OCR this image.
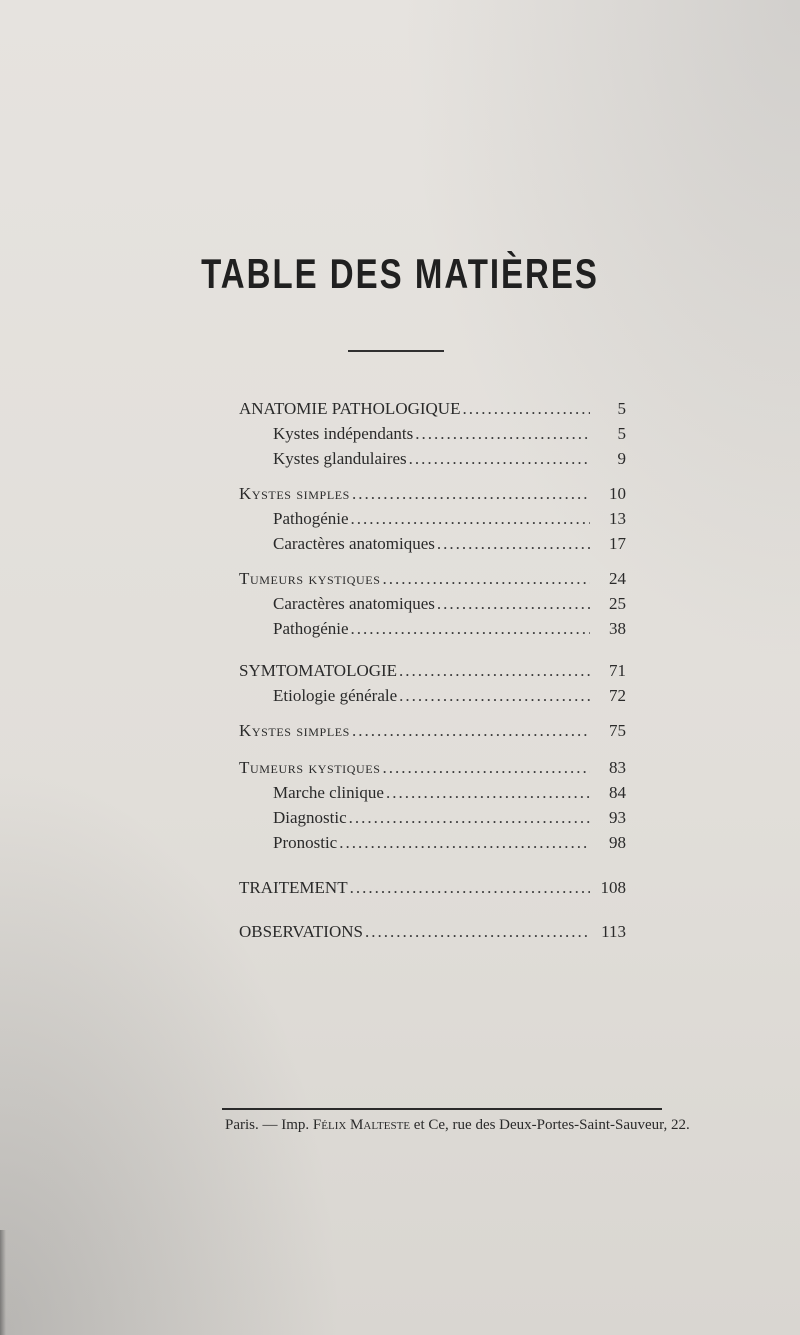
TABLE DES MATIÈRES
ANATOMIE PATHOLOGIQUE .....	5
Kystes indépendants .....	5
Kystes glandulaires .....	9
Kystes simples .....	10
Pathogénie .....	13
Caractères anatomiques .....	17
Tumeurs kystiques .....	24
Caractères anatomiques .....	25
Pathogénie .....	38
SYMTOMATOLOGIE .....	71
Etiologie générale .....	72
Kystes simples .....	75
Tumeurs kystiques .....	83
Marche clinique .....	84
Diagnostic .....	93
Pronostic .....	98
TRAITEMENT .....	108
OBSERVATIONS .....	113
Paris. — Imp. Félix Malteste et Ce, rue des Deux-Portes-Saint-Sauveur, 22.
